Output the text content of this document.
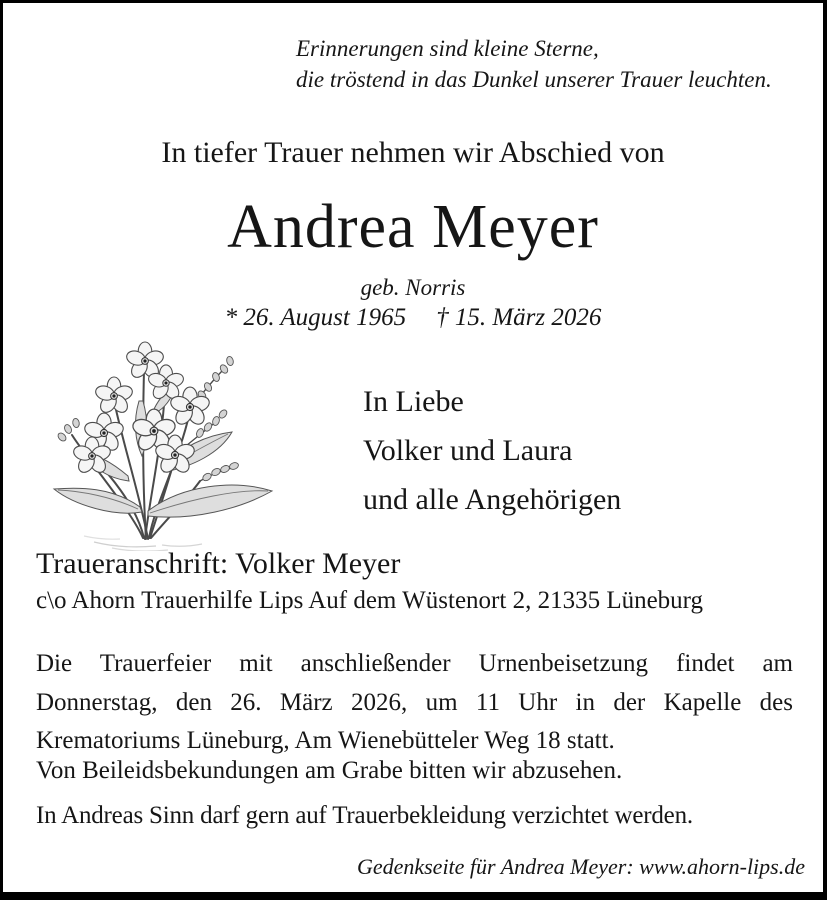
Erinnerungen sind kleine Sterne,
die tröstend in das Dunkel unserer Trauer leuchten.
In tiefer Trauer nehmen wir Abschied von
Andrea Meyer
geb. Norris
* 26. August 1965 † 15. März 2026
In Liebe
Volker und Laura
und alle Angehörigen
Traueranschrift: Volker Meyer
c\o Ahorn Trauerhilfe Lips Auf dem Wüstenort 2, 21335 Lüneburg
Die Trauerfeier mit anschließender Urnenbeisetzung findet am
Donnerstag, den 26. März 2026, um 11 Uhr in der Kapelle des
Krematoriums Lüneburg, Am Wienebütteler Weg 18 statt.
Von Beileidsbekundungen am Grabe bitten wir abzusehen.
In Andreas Sinn darf gern auf Trauerbekleidung verzichtet werden.
Gedenkseite für Andrea Meyer: www.ahorn-lips.de
